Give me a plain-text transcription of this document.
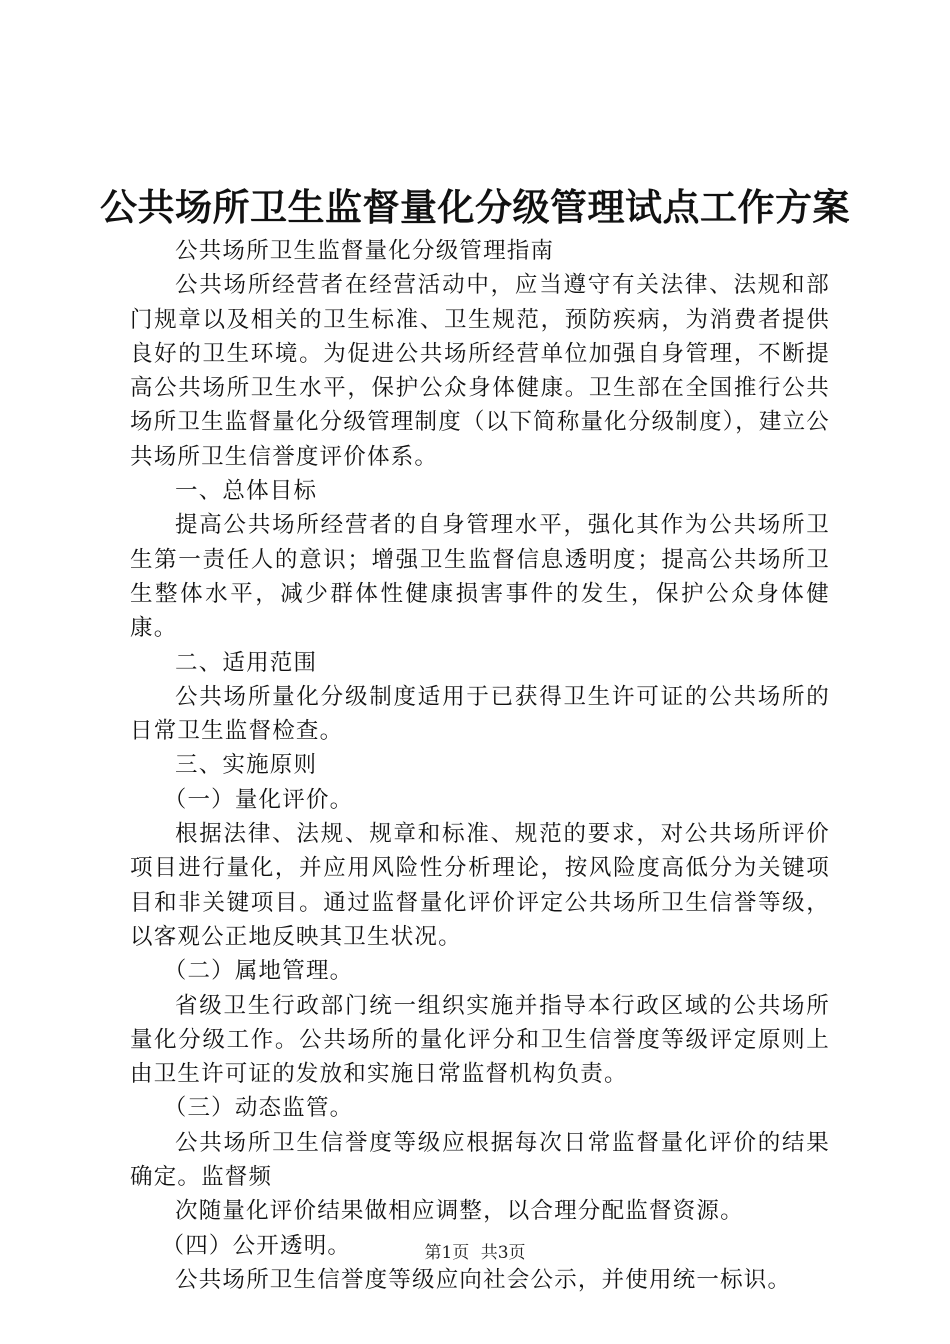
公共场所卫生监督量化分级管理试点工作方案

公共场所卫生监督量化分级管理指南

公共场所经营者在经营活动中，应当遵守有关法律、法规和部门规章以及相关的卫生标准、卫生规范，预防疾病，为消费者提供良好的卫生环境。为促进公共场所经营单位加强自身管理，不断提高公共场所卫生水平，保护公众身体健康。卫生部在全国推行公共场所卫生监督量化分级管理制度（以下简称量化分级制度），建立公共场所卫生信誉度评价体系。

一、总体目标

提高公共场所经营者的自身管理水平，强化其作为公共场所卫生第一责任人的意识；增强卫生监督信息透明度；提高公共场所卫生整体水平，减少群体性健康损害事件的发生，保护公众身体健康。

二、适用范围

公共场所量化分级制度适用于已获得卫生许可证的公共场所的日常卫生监督检查。

三、实施原则

（一）量化评价。

根据法律、法规、规章和标准、规范的要求，对公共场所评价项目进行量化，并应用风险性分析理论，按风险度高低分为关键项目和非关键项目。通过监督量化评价评定公共场所卫生信誉等级，以客观公正地反映其卫生状况。

（二）属地管理。

省级卫生行政部门统一组织实施并指导本行政区域的公共场所量化分级工作。公共场所的量化评分和卫生信誉度等级评定原则上由卫生许可证的发放和实施日常监督机构负责。

（三）动态监管。

公共场所卫生信誉度等级应根据每次日常监督量化评价的结果确定。监督频

次随量化评价结果做相应调整，以合理分配监督资源。

（四）公开透明。

公共场所卫生信誉度等级应向社会公示，并使用统一标识。

第1页 共3页
